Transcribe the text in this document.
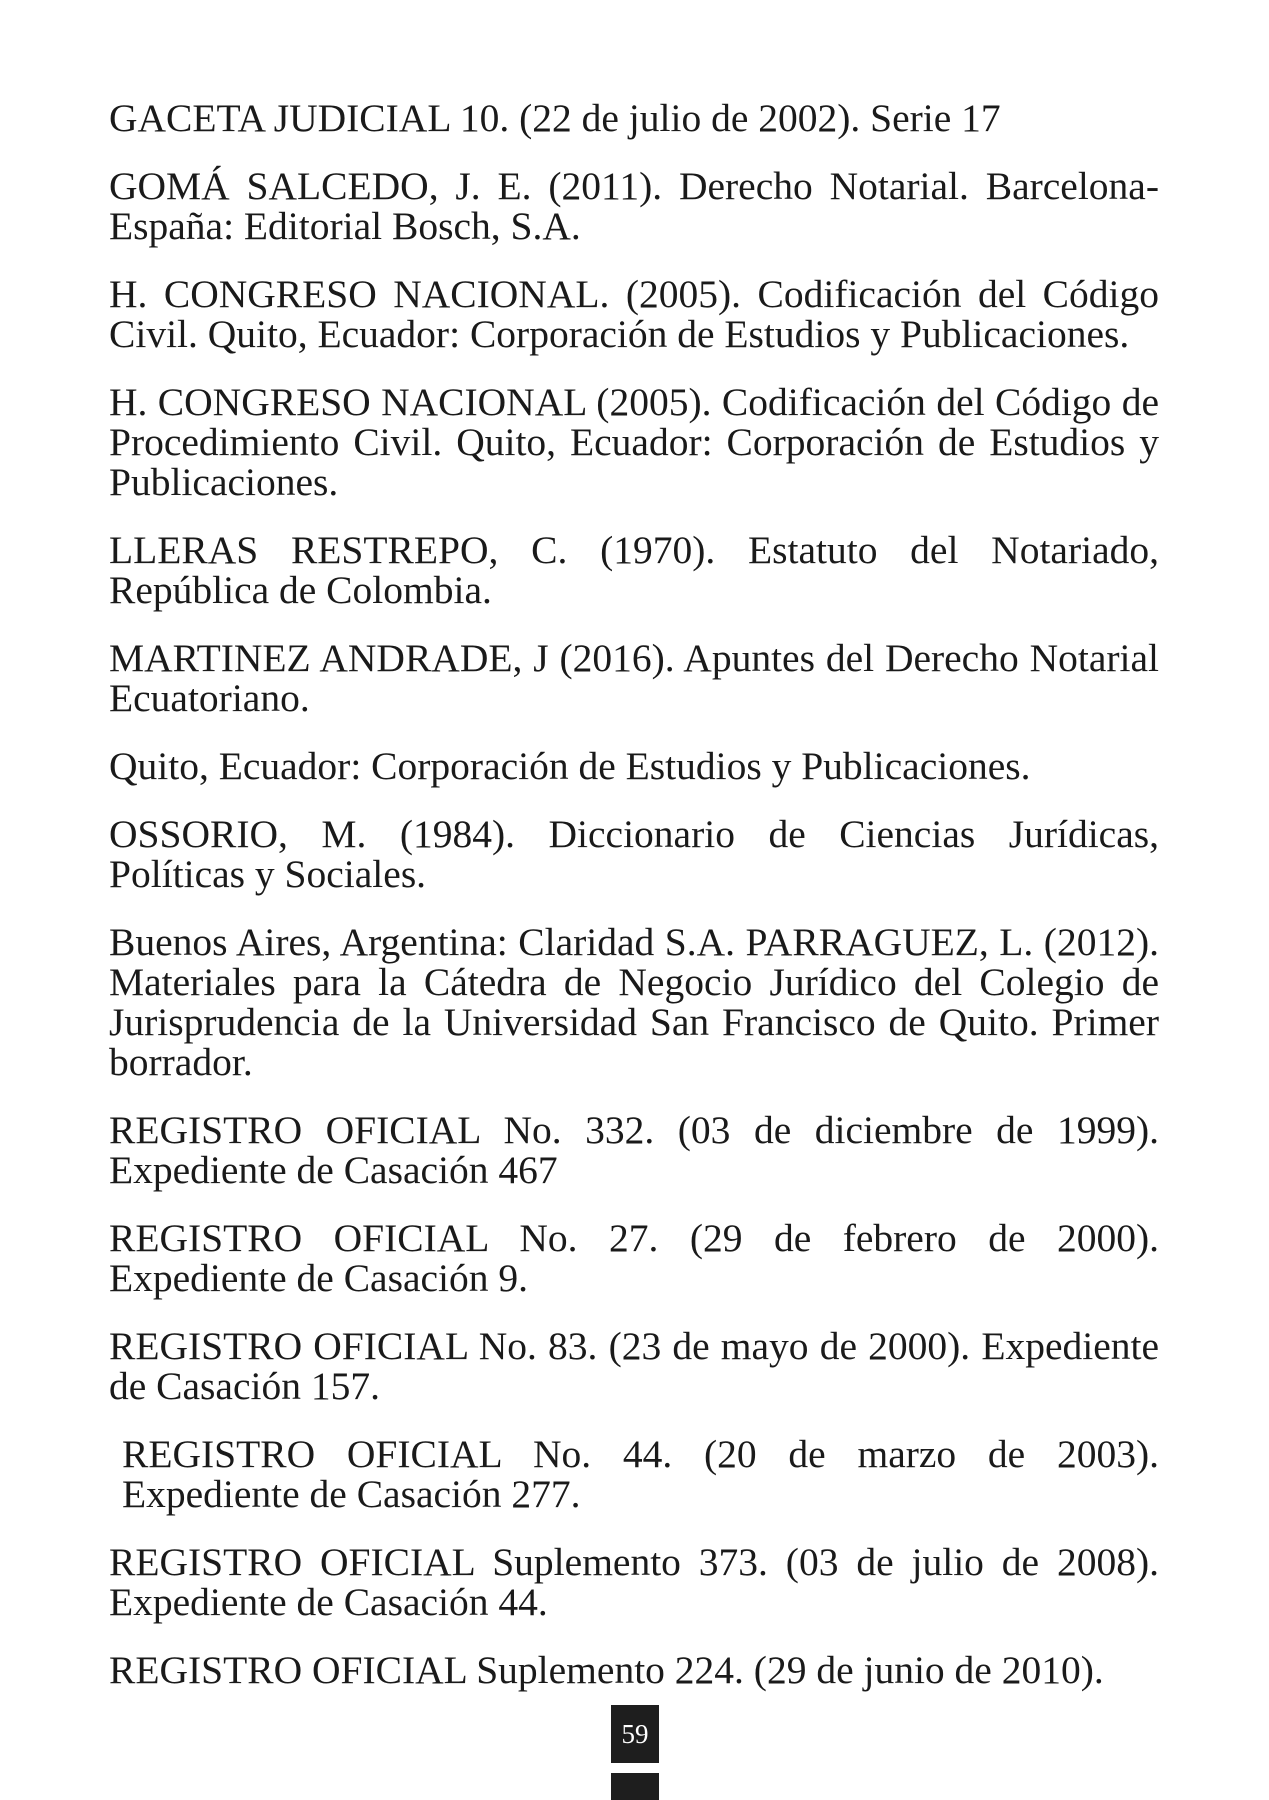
GACETA JUDICIAL 10. (22 de julio de 2002). Serie 17

GOMÁ SALCEDO, J. E. (2011). Derecho Notarial. Barcelona-España: Editorial Bosch, S.A.

H. CONGRESO NACIONAL. (2005). Codificación del Código Civil. Quito, Ecuador: Corporación de Estudios y Publicaciones.

H. CONGRESO NACIONAL (2005). Codificación del Código de Procedimiento Civil. Quito, Ecuador: Corporación de Estudios y Publicaciones.

LLERAS RESTREPO, C. (1970). Estatuto del Notariado, República de Colombia.

MARTINEZ ANDRADE, J (2016). Apuntes del Derecho Notarial Ecuatoriano.

Quito, Ecuador: Corporación de Estudios y Publicaciones.

OSSORIO, M. (1984). Diccionario de Ciencias Jurídicas, Políticas y Sociales.

Buenos Aires, Argentina: Claridad S.A. PARRAGUEZ, L. (2012). Materiales para la Cátedra de Negocio Jurídico del Colegio de Jurisprudencia de la Universidad San Francisco de Quito. Primer borrador.

REGISTRO OFICIAL No. 332. (03 de diciembre de 1999). Expediente de Casación 467

REGISTRO OFICIAL No. 27. (29 de febrero de 2000). Expediente de Casación 9.

REGISTRO OFICIAL No. 83. (23 de mayo de 2000). Expediente de Casación 157.

REGISTRO OFICIAL No. 44. (20 de marzo de 2003). Expediente de Casación 277.

REGISTRO OFICIAL Suplemento 373. (03 de julio de 2008). Expediente de Casación 44.

REGISTRO OFICIAL Suplemento 224. (29 de junio de 2010).

59
